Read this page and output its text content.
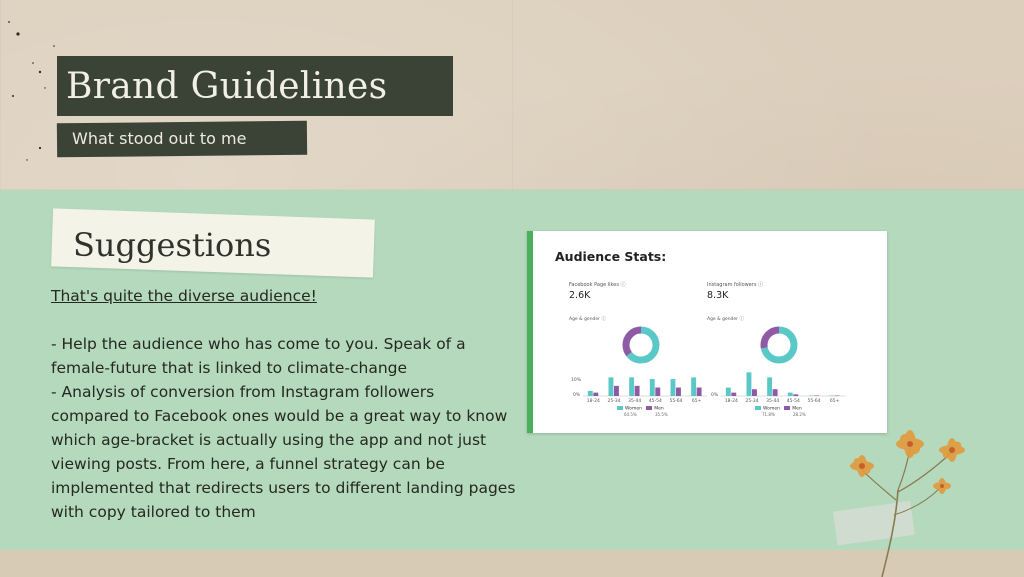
Brand Guidelines
What stood out to me
Suggestions
That's quite the diverse audience!
- Help the audience who has come to you. Speak of a
female-future that is linked to climate-change
- Analysis of conversion from Instagram followers
compared to Facebook ones would be a great way to know
which age-bracket is actually using the app and not just
viewing posts. From here, a funnel strategy can be
implemented that redirects users to different landing pages
with copy tailored to them
Audience Stats:
Facebook Page likes ⓘ
2.6K
Instagram followers ⓘ
8.3K
Age & gender ⓘ	Age & gender ⓘ
10%
0%	0%
18-24 25-34 35-44 45-54 55-64 65+	18-24 25-34 35-44 45-54 55-64 65+
Women	Men
64.5%	35.5%
Women	Men
71.8%	28.2%
